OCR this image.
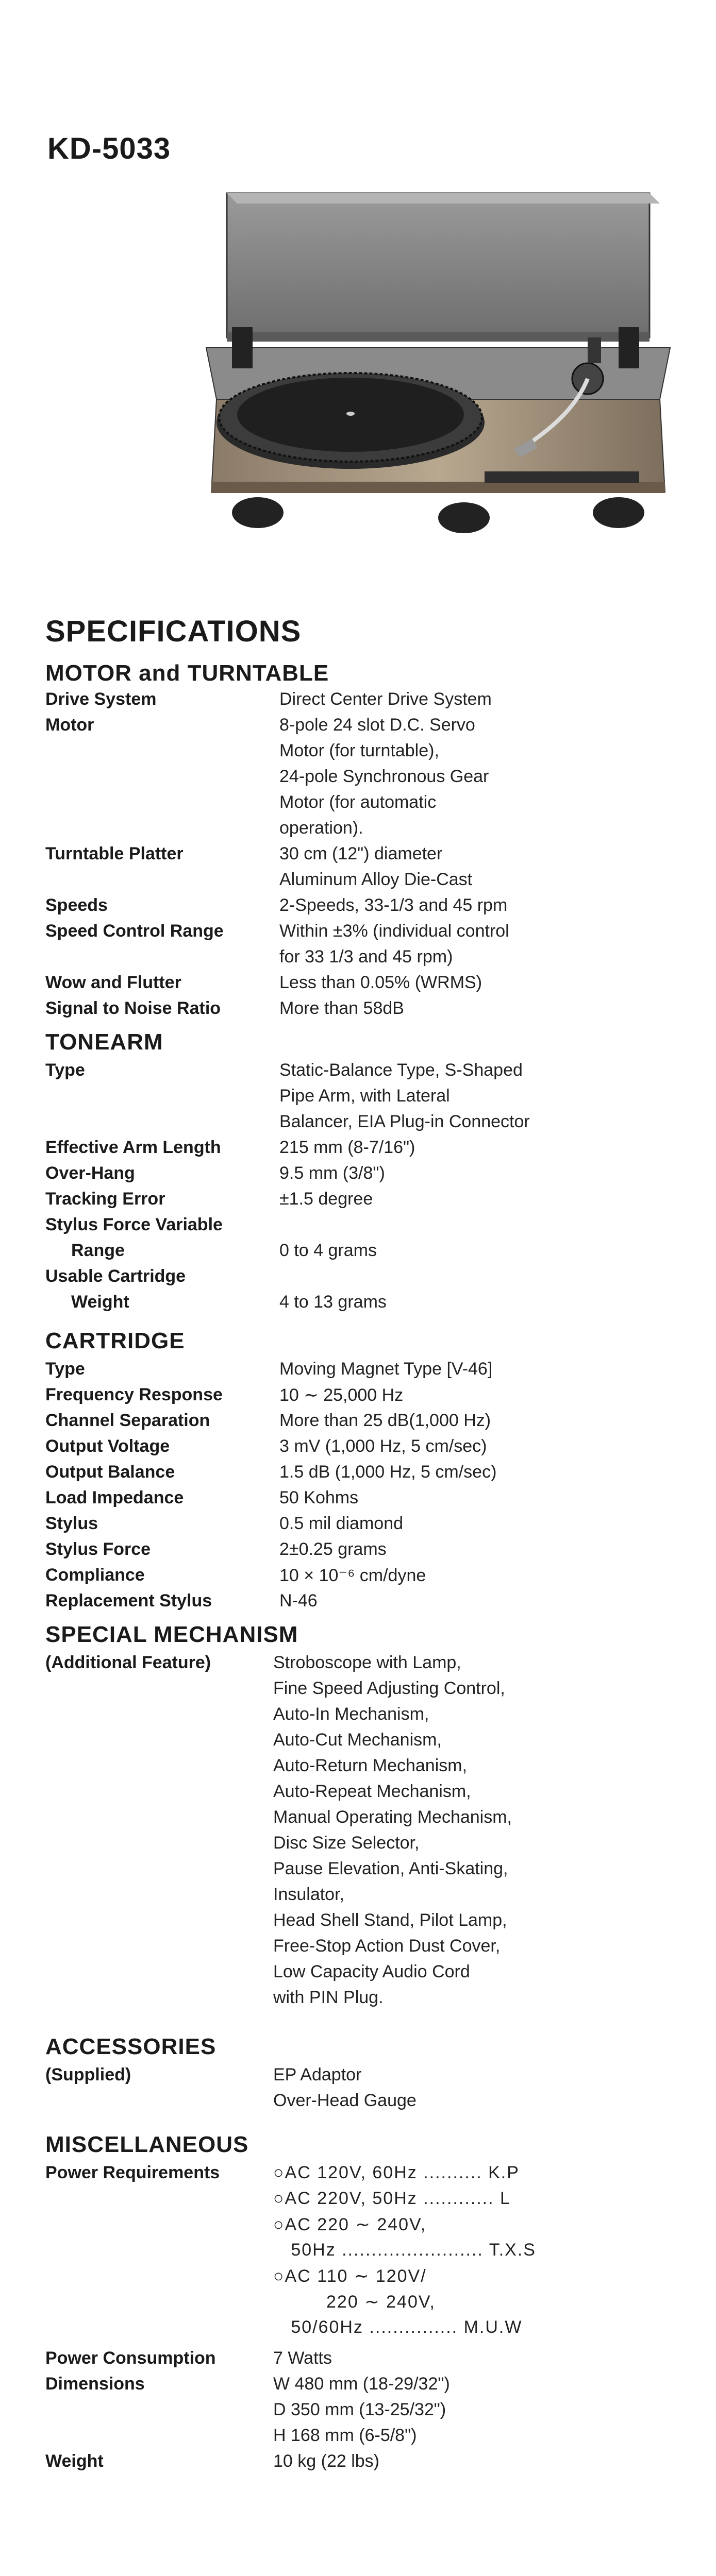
KD-5033
SPECIFICATIONS
MOTOR and TURNTABLE
Drive System	Direct Center Drive System
Motor	8-pole 24 slot D.C. Servo
Motor (for turntable),
24-pole Synchronous Gear
Motor (for automatic
operation).
Turntable Platter	30 cm (12") diameter
Aluminum Alloy Die-Cast
Speeds	2-Speeds, 33-1/3 and 45 rpm
Speed Control Range	Within ±3% (individual control
for 33 1/3 and 45 rpm)
Wow and Flutter	Less than 0.05% (WRMS)
Signal to Noise Ratio	More than 58dB
TONEARM
Type	Static-Balance Type, S-Shaped
Pipe Arm, with Lateral
Balancer, EIA Plug-in Connector
Effective Arm Length	215 mm (8-7/16")
Over-Hang	9.5 mm (3/8")
Tracking Error	±1.5 degree
Stylus Force Variable
Range	0 to 4 grams
Usable Cartridge
Weight	4 to 13 grams
CARTRIDGE
Type	Moving Magnet Type [V-46]
Frequency Response	10 ∼ 25,000 Hz
Channel Separation	More than 25 dB(1,000 Hz)
Output Voltage	3 mV (1,000 Hz, 5 cm/sec)
Output Balance	1.5 dB (1,000 Hz, 5 cm/sec)
Load Impedance	50 Kohms
Stylus	0.5 mil diamond
Stylus Force	2±0.25 grams
Compliance	10 × 10⁻⁶ cm/dyne
Replacement Stylus	N-46
SPECIAL MECHANISM
(Additional Feature)	Stroboscope with Lamp,
Fine Speed Adjusting Control,
Auto-In Mechanism,
Auto-Cut Mechanism,
Auto-Return Mechanism,
Auto-Repeat Mechanism,
Manual Operating Mechanism,
Disc Size Selector,
Pause Elevation, Anti-Skating,
Insulator,
Head Shell Stand, Pilot Lamp,
Free-Stop Action Dust Cover,
Low Capacity Audio Cord
with PIN Plug.
ACCESSORIES
(Supplied)	EP Adaptor
Over-Head Gauge
MISCELLANEOUS
Power Requirements	○AC 120V, 60Hz .......... K.P
○AC 220V, 50Hz ............ L
○AC 220 ∼ 240V,
50Hz ........................ T.X.S
○AC 110 ∼ 120V/
220 ∼ 240V,
50/60Hz ............... M.U.W
Power Consumption	7 Watts
Dimensions	W 480 mm (18-29/32")
D 350 mm (13-25/32")
H 168 mm (6-5/8")
Weight	10 kg (22 lbs)
